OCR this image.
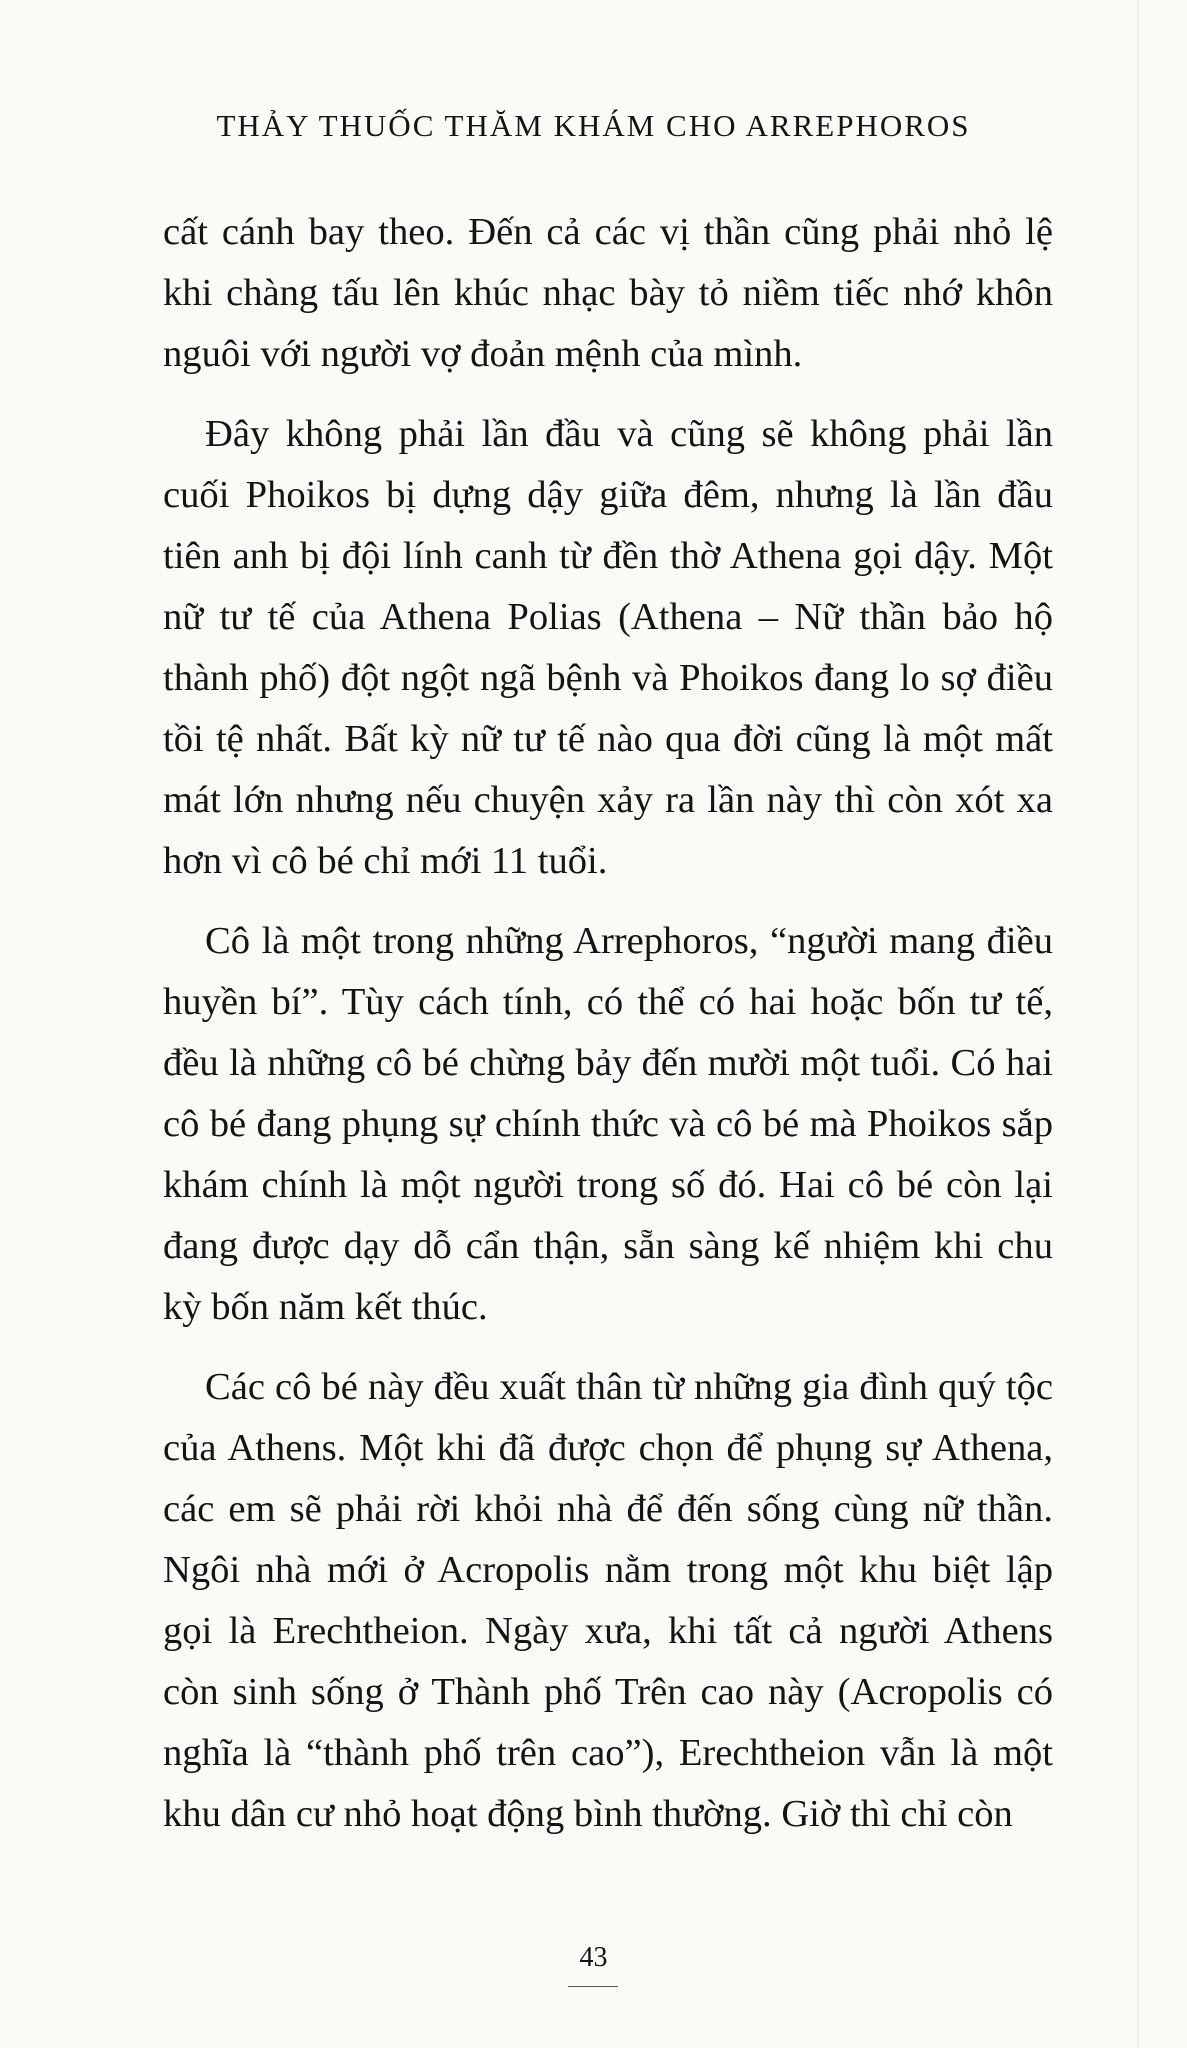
THẢY THUỐC THĂM KHÁM CHO ARREPHOROS

cất cánh bay theo. Đến cả các vị thần cũng phải nhỏ lệ khi chàng tấu lên khúc nhạc bày tỏ niềm tiếc nhớ khôn nguôi với người vợ đoản mệnh của mình.

Đây không phải lần đầu và cũng sẽ không phải lần cuối Phoikos bị dựng dậy giữa đêm, nhưng là lần đầu tiên anh bị đội lính canh từ đền thờ Athena gọi dậy. Một nữ tư tế của Athena Polias (Athena – Nữ thần bảo hộ thành phố) đột ngột ngã bệnh và Phoikos đang lo sợ điều tồi tệ nhất. Bất kỳ nữ tư tế nào qua đời cũng là một mất mát lớn nhưng nếu chuyện xảy ra lần này thì còn xót xa hơn vì cô bé chỉ mới 11 tuổi.

Cô là một trong những Arrephoros, “người mang điều huyền bí”. Tùy cách tính, có thể có hai hoặc bốn tư tế, đều là những cô bé chừng bảy đến mười một tuổi. Có hai cô bé đang phụng sự chính thức và cô bé mà Phoikos sắp khám chính là một người trong số đó. Hai cô bé còn lại đang được dạy dỗ cẩn thận, sẵn sàng kế nhiệm khi chu kỳ bốn năm kết thúc.

Các cô bé này đều xuất thân từ những gia đình quý tộc của Athens. Một khi đã được chọn để phụng sự Athena, các em sẽ phải rời khỏi nhà để đến sống cùng nữ thần. Ngôi nhà mới ở Acropolis nằm trong một khu biệt lập gọi là Erechtheion. Ngày xưa, khi tất cả người Athens còn sinh sống ở Thành phố Trên cao này (Acropolis có nghĩa là “thành phố trên cao”), Erechtheion vẫn là một khu dân cư nhỏ hoạt động bình thường. Giờ thì chỉ còn

43
